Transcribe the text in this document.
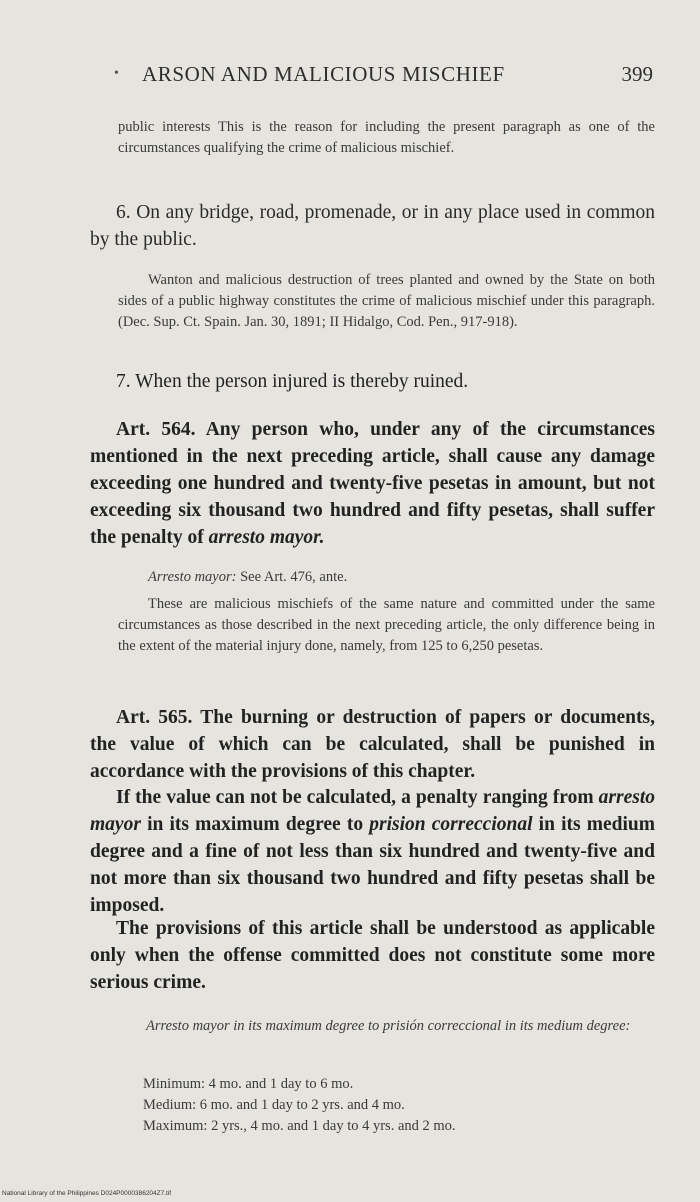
• ARSON AND MALICIOUS MISCHIEF	399

public interests This is the reason for including the present paragraph as one of the circumstances qualifying the crime of malicious mischief.

6. On any bridge, road, promenade, or in any place used in common by the public.

Wanton and malicious destruction of trees planted and owned by the State on both sides of a public highway constitutes the crime of malicious mischief under this paragraph. (Dec. Sup. Ct. Spain. Jan. 30, 1891; II Hidalgo, Cod. Pen., 917-918).

7. When the person injured is thereby ruined.

Art. 564. Any person who, under any of the circumstances mentioned in the next preceding article, shall cause any damage exceeding one hundred and twenty-five pesetas in amount, but not exceeding six thousand two hundred and fifty pesetas, shall suffer the penalty of arresto mayor.

Arresto mayor: See Art. 476, ante.

These are malicious mischiefs of the same nature and committed under the same circumstances as those described in the next preceding article, the only difference being in the extent of the material injury done, namely, from 125 to 6,250 pesetas.

Art. 565. The burning or destruction of papers or documents, the value of which can be calculated, shall be punished in accordance with the provisions of this chapter.

If the value can not be calculated, a penalty ranging from arresto mayor in its maximum degree to prision correccional in its medium degree and a fine of not less than six hundred and twenty-five and not more than six thousand two hundred and fifty pesetas shall be imposed.

The provisions of this article shall be understood as applicable only when the offense committed does not constitute some more serious crime.

Arresto mayor in its maximum degree to prisión correccional in its medium degree:

Minimum: 4 mo. and 1 day to 6 mo.
Medium: 6 mo. and 1 day to 2 yrs. and 4 mo.
Maximum: 2 yrs., 4 mo. and 1 day to 4 yrs. and 2 mo.
National Library of the Philippines D024P0000386204Z7.tif
